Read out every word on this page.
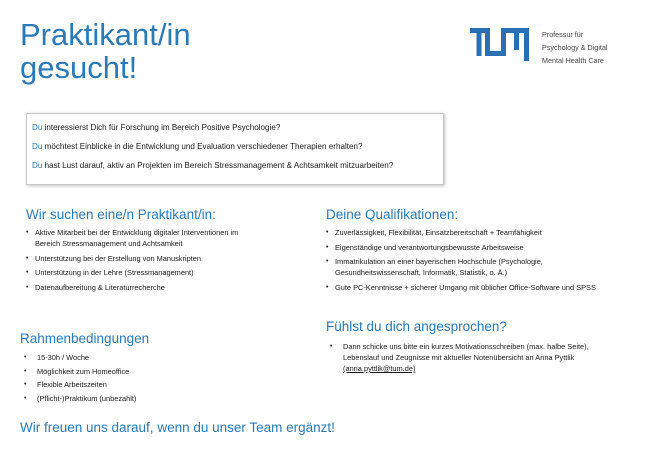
Praktikant/in
gesucht!
Professur für
Psychology & Digital
Mental Health Care
Du interessierst Dich für Forschung im Bereich Positive Psychologie?
Du möchtest Einblicke in die Entwicklung und Evaluation verschiedener Therapien erhalten?
Du hast Lust darauf, aktiv an Projekten im Bereich Stressmanagement & Achtsamkeit mitzuarbeiten?
Wir suchen eine/n Praktikant/in:
• Aktive Mitarbeit bei der Entwicklung digitaler Interventionen im Bereich Stressmanagement und Achtsamkeit
• Unterstützung bei der Erstellung von Manuskripten
• Unterstützung in der Lehre (Stressmanagement)
• Datenaufbereitung & Literaturrecherche
Rahmenbedingungen
• 15-30h / Woche
• Möglichkeit zum Homeoffice
• Flexible Arbeitszeiten
• (Pflicht-)Praktikum (unbezahlt)
Deine Qualifikationen:
• Zuverlässigkeit, Flexibilität, Einsatzbereitschaft + Teamfähigkeit
• Eigenständige und verantwortungsbewusste Arbeitsweise
• Immatrikulation an einer bayerischen Hochschule (Psychologie, Gesundheitswissenschaft, Informatik, Statistik, o. Ä.)
• Gute PC-Kenntnisse + sicherer Umgang mit üblicher Office-Software und SPSS
Fühlst du dich angesprochen?
• Dann schicke uns bitte ein kurzes Motivationsschreiben (max. halbe Seite), Lebenslauf und Zeugnisse mit aktueller Notenübersicht an Anna Pyttlik (anna.pyttlik@tum.de)
Wir freuen uns darauf, wenn du unser Team ergänzt!
